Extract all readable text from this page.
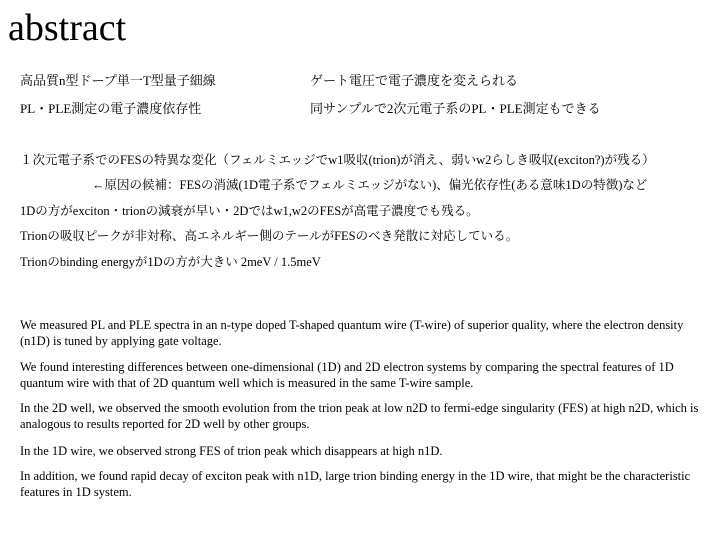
abstract
高品質n型ドープ単一T型量子細線	ゲート電圧で電子濃度を変えられる
PL・PLE測定の電子濃度依存性	同サンプルで2次元電子系のPL・PLE測定もできる
１次元電子系でのFESの特異な変化（フェルミエッジでw1吸収(trion)が消え、弱いw2らしき吸収(exciton?)が残る）
←原因の候補：FESの消滅(1D電子系でフェルミエッジがない)、偏光依存性(ある意味1Dの特徴)など
1Dの方がexciton・trionの減衰が早い・2Dではw1,w2のFESが高電子濃度でも残る。
Trionの吸収ピークが非対称、高エネルギー側のテールがFESのべき発散に対応している。
Trionのbinding energyが1Dの方が大きい 2meV / 1.5meV
We measured PL and PLE spectra in an n-type doped T-shaped quantum wire (T-wire) of superior quality, where the electron density (n1D) is tuned by applying gate voltage.
We found interesting differences between one-dimensional (1D) and 2D electron systems by comparing the spectral features of 1D quantum wire with that of 2D quantum well which is measured in the same T-wire sample.
In the 2D well, we observed the smooth evolution from the trion peak at low n2D to fermi-edge singularity (FES) at high n2D, which is analogous to results reported for 2D well by other groups.
In the 1D wire, we observed strong FES of trion peak which disappears at high n1D.
In addition, we found rapid decay of exciton peak with n1D, large trion binding energy in the 1D wire, that might be the characteristic features in 1D system.
